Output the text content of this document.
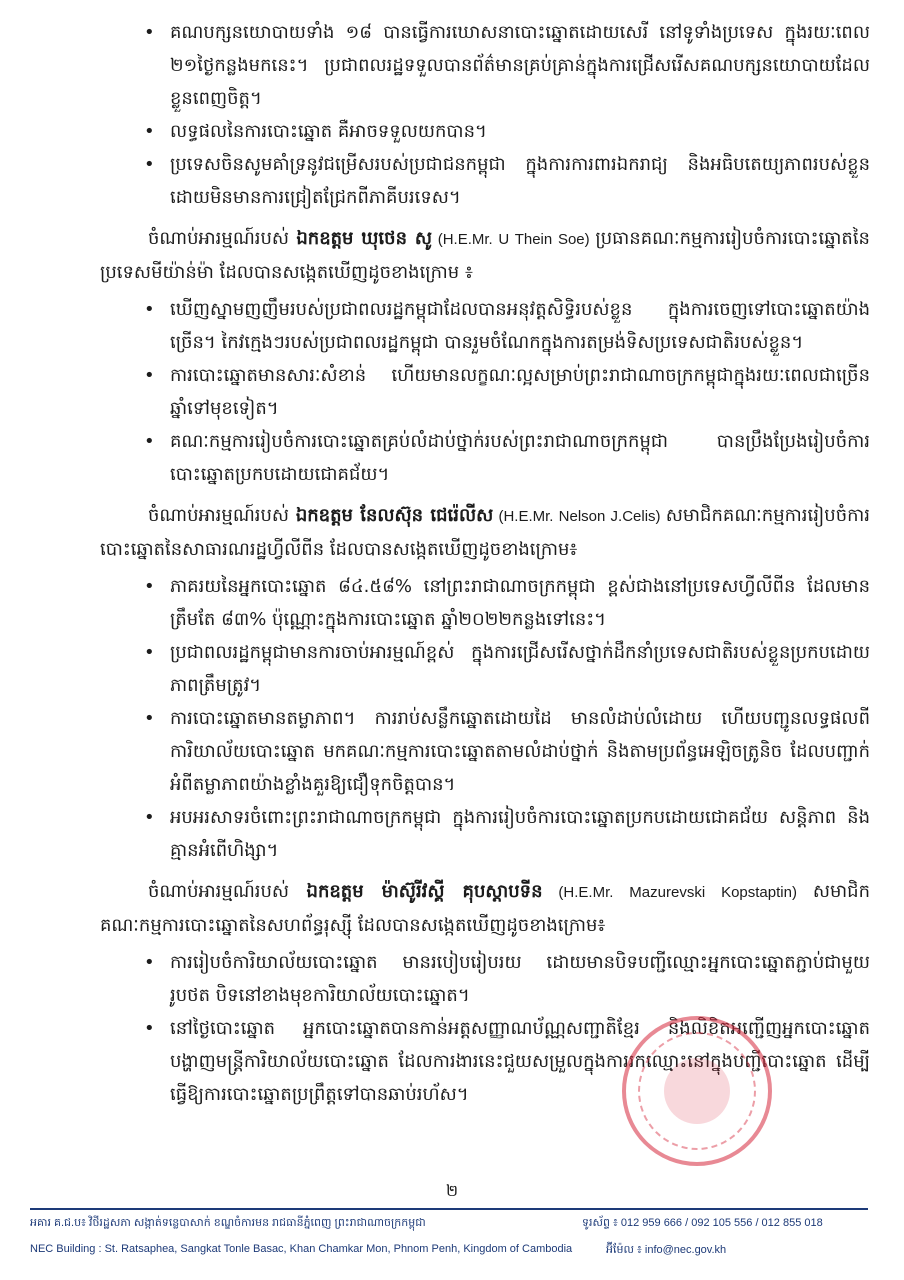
• គណបក្សនយោបាយទាំង ១៨ បានធ្វើការឃោសនាបោះឆ្នោតដោយសេរី នៅទូទាំងប្រទេស ក្នុងរយៈពេល ២១ថ្ងៃកន្លងមកនេះ។ ប្រជាពលរដ្ឋទទួលបានព័ត៌មានគ្រប់គ្រាន់ក្នុងការជ្រើសរើសគណបក្សនយោបាយដែលខ្លួនពេញចិត្ត។
• លទ្ធផលនៃការបោះឆ្នោត គឺអាចទទួលយកបាន។
• ប្រទេសចិនសូមគាំទ្រនូវជម្រើសរបស់ប្រជាជនកម្ពុជា ក្នុងការការពារឯករាជ្យ និងអធិបតេយ្យភាពរបស់ខ្លួន ដោយមិនមានការជ្រៀតជ្រែកពីភាគីបរទេស។

ចំណាប់អារម្មណ៍របស់ ឯកឧត្តម ឃុថេន សូ (H.E.Mr. U Thein Soe) ប្រធានគណៈកម្មការរៀបចំការបោះឆ្នោតនៃប្រទេសមីយ៉ាន់ម៉ា ដែលបានសង្កេតឃើញដូចខាងក្រោម ៖

• ឃើញស្នាមញញឹមរបស់ប្រជាពលរដ្ឋកម្ពុជាដែលបានអនុវត្តសិទ្ធិរបស់ខ្លួន ក្នុងការចេញទៅបោះឆ្នោតយ៉ាងច្រើន។ កៃវក្មេងៗរបស់ប្រជាពលរដ្ឋកម្ពុជា បានរួមចំណែកក្នុងការតម្រង់ទិសប្រទេសជាតិរបស់ខ្លួន។
• ការបោះឆ្នោតមានសារៈសំខាន់ ហើយមានលក្ខណៈល្អសម្រាប់ព្រះរាជាណាចក្រកម្ពុជាក្នុងរយៈពេលជាច្រើនឆ្នាំទៅមុខទៀត។
• គណៈកម្មការរៀបចំការបោះឆ្នោតគ្រប់លំដាប់ថ្នាក់របស់ព្រះរាជាណាចក្រកម្ពុជា បានប្រឹងប្រែងរៀបចំការបោះឆ្នោតប្រកបដោយជោគជ័យ។

ចំណាប់អារម្មណ៍របស់ ឯកឧត្តម នែលស៊ុន ជេរ៉េលីស (H.E.Mr. Nelson J.Celis) សមាជិកគណៈកម្មការរៀបចំការបោះឆ្នោតនៃសាធារណរដ្ឋហ្វីលីពីន ដែលបានសង្កេតឃើញដូចខាងក្រោម៖

• ភាគរយនៃអ្នកបោះឆ្នោត ៨៤.៥៨% នៅព្រះរាជាណាចក្រកម្ពុជា ខ្ពស់ជាងនៅប្រទេសហ្វីលីពីន ដែលមានត្រឹមតែ ៨៣% ប៉ុណ្ណោះក្នុងការបោះឆ្នោត ឆ្នាំ២០២២កន្លងទៅនេះ។
• ប្រជាពលរដ្ឋកម្ពុជាមានការចាប់អារម្មណ៍ខ្ពស់ ក្នុងការជ្រើសរើសថ្នាក់ដឹកនាំប្រទេសជាតិរបស់ខ្លួនប្រកបដោយភាពត្រឹមត្រូវ។
• ការបោះឆ្នោតមានតម្លាភាព។ ការរាប់សន្លឹកឆ្នោតដោយដៃ មានលំដាប់លំដោយ ហើយបញ្ជូនលទ្ធផលពីការិយាល័យបោះឆ្នោត មកគណៈកម្មការបោះឆ្នោតតាមលំដាប់ថ្នាក់ និងតាមប្រព័ន្ធអេឡិចត្រូនិច ដែលបញ្ជាក់អំពីតម្លាភាពយ៉ាងខ្លាំងគួរឱ្យជឿទុកចិត្តបាន។
• អបអរសាទរចំពោះព្រះរាជាណាចក្រកម្ពុជា ក្នុងការរៀបចំការបោះឆ្នោតប្រកបដោយជោគជ័យ សន្តិភាព និងគ្មានអំពើហិង្សា។

ចំណាប់អារម្មណ៍របស់ ឯកឧត្តម ម៉ាស៊ូរីវស្គី គុបស្តាបទីន (H.E.Mr. Mazurevski Kopstaptin) សមាជិកគណៈកម្មការបោះឆ្នោតនៃសហព័ន្ធរុស្ស៊ី ដែលបានសង្កេតឃើញដូចខាងក្រោម៖

• ការរៀបចំការិយាល័យបោះឆ្នោត មានរបៀបរៀបរយ ដោយមានបិទបញ្ជីឈ្មោះអ្នកបោះឆ្នោតភ្ជាប់ជាមួយរូបថត បិទនៅខាងមុខការិយាល័យបោះឆ្នោត។
• នៅថ្ងៃបោះឆ្នោត អ្នកបោះឆ្នោតបានកាន់អត្តសញ្ញាណប័ណ្ណសញ្ជាតិខ្មែរ និងលិខិតអញ្ជើញអ្នកបោះឆ្នោត បង្ហាញមន្ត្រីការិយាល័យបោះឆ្នោត ដែលការងារនេះជួយសម្រួលក្នុងការរកឈ្មោះនៅក្នុងបញ្ជីបោះឆ្នោត ដើម្បីធ្វើឱ្យការបោះឆ្នោតប្រព្រឹត្តទៅបានឆាប់រហ័ស។
២
អគារ គ.ជ.ប៖ វិថីរដ្ឋសភា សង្កាត់ទន្លេបាសាក់ ខណ្ឌចំការមន រាជធានីភ្នំពេញ ព្រះរាជាណាចក្រកម្ពុជា	ទូរស័ព្ទ ៖ 012 959 666 / 092 105 556 / 012 855 018
NEC Building : St. Ratsaphea, Sangkat Tonle Basac, Khan Chamkar Mon, Phnom Penh, Kingdom of Cambodia	អ៊ីម៉ែល ៖ info@nec.gov.kh
